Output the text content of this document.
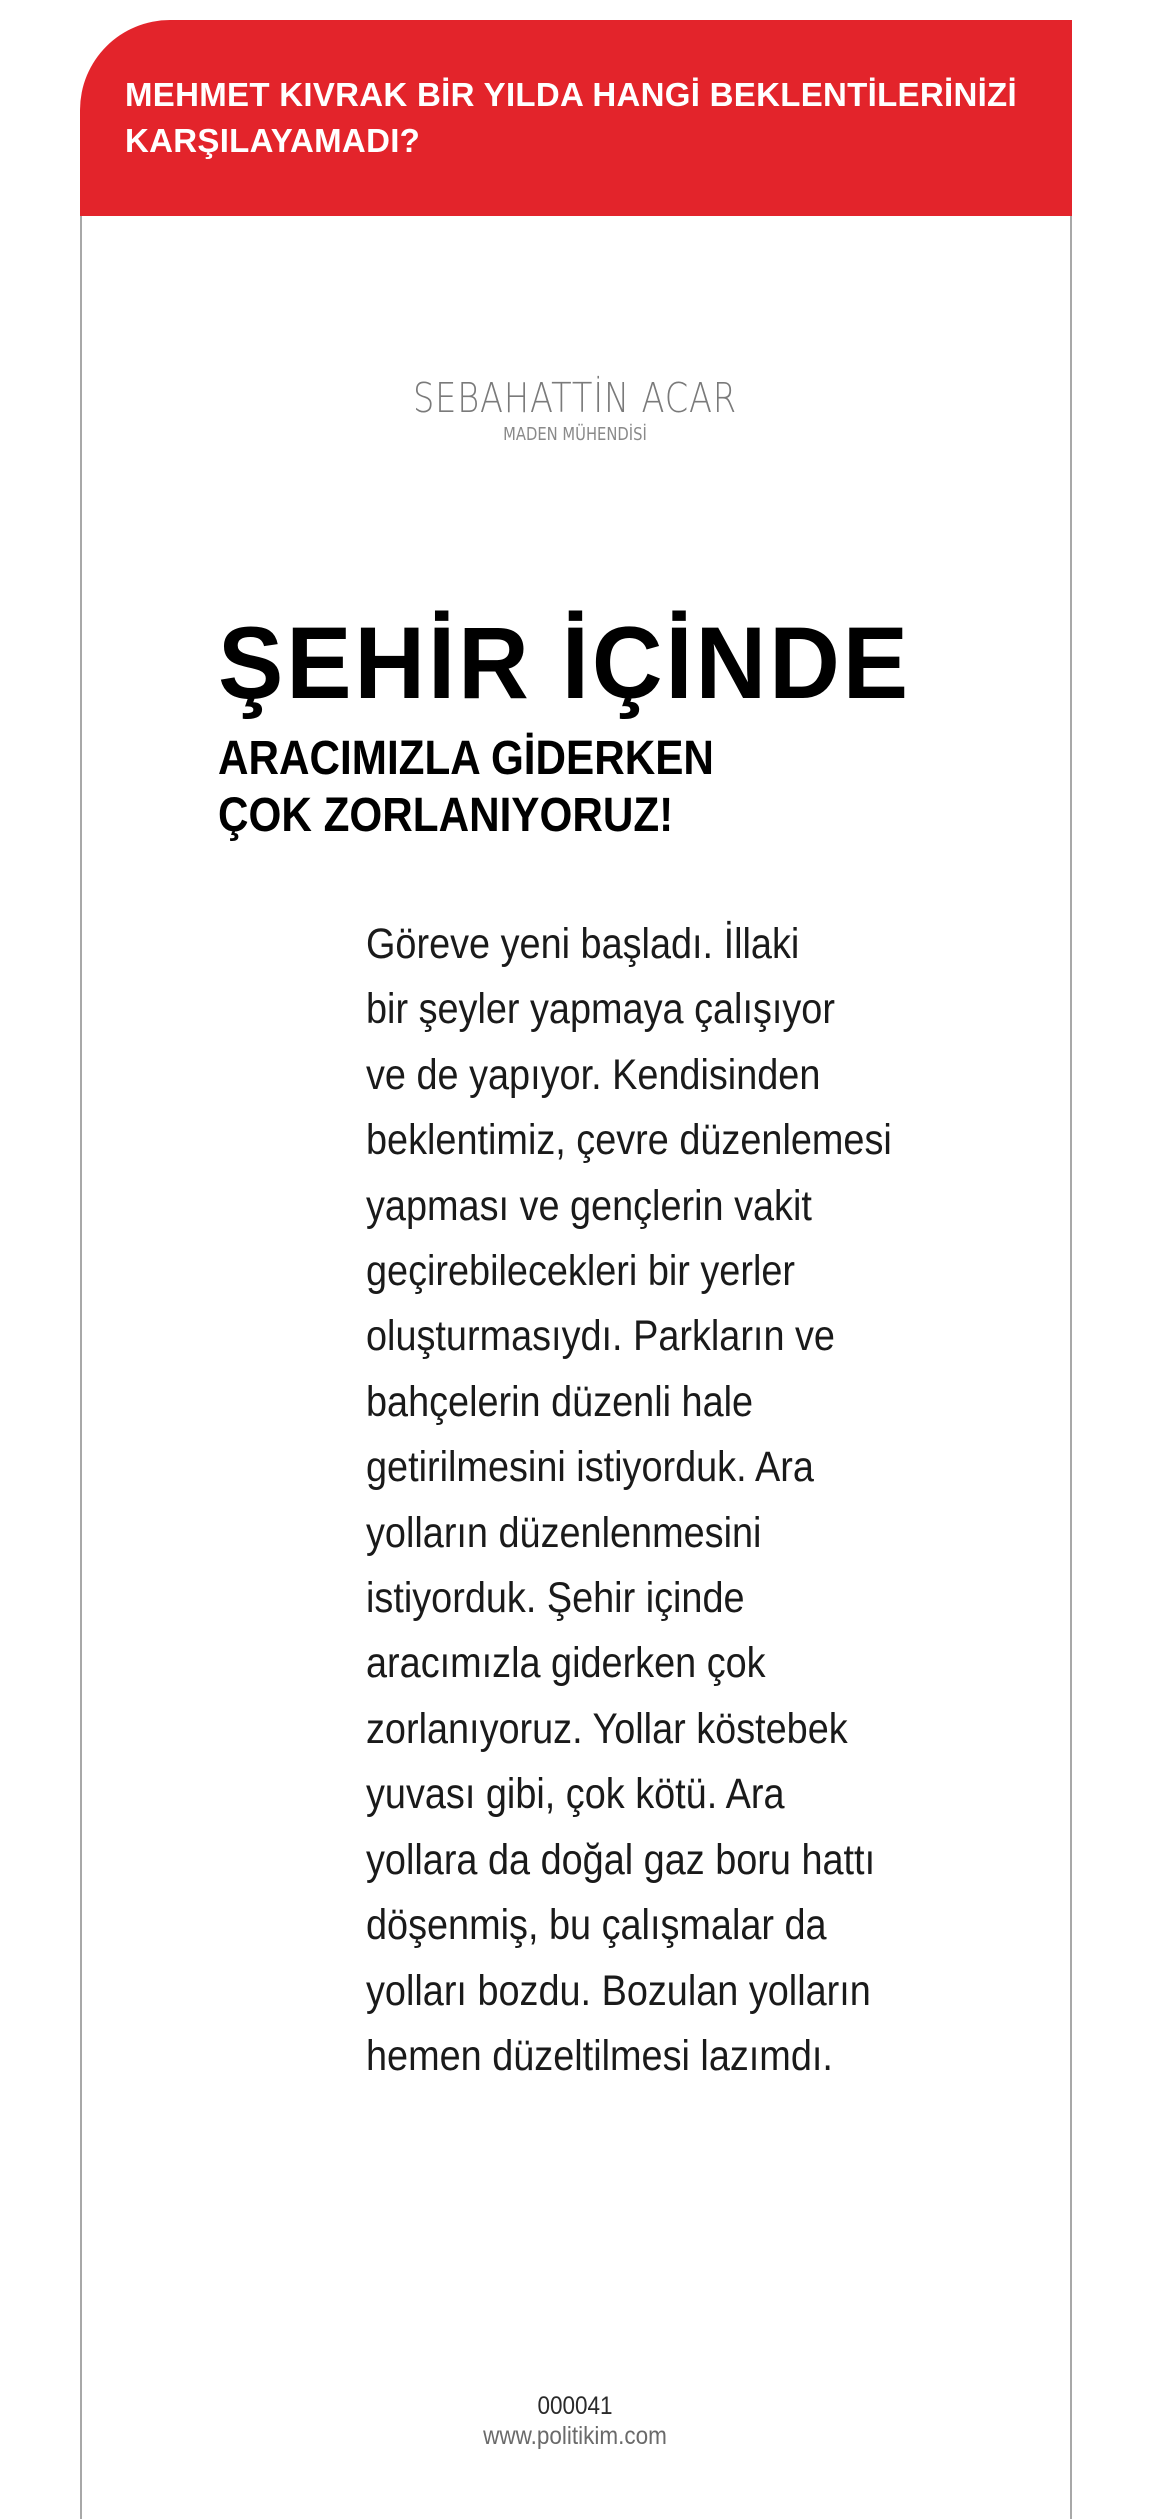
MEHMET KIVRAK BİR YILDA HANGİ BEKLENTİLERİNİZİ
KARŞILAYAMADI?

SEBAHATTİN ACAR
MADEN MÜHENDİSİ
ŞEHİR İÇİNDE
ARACIMIZLA GİDERKEN
ÇOK ZORLANIYORUZ!

Göreve yeni başladı. İllaki
bir şeyler yapmaya çalışıyor
ve de yapıyor. Kendisinden
beklentimiz, çevre düzenlemesi
yapması ve gençlerin vakit
geçirebilecekleri bir yerler
oluşturmasıydı. Parkların ve
bahçelerin düzenli hale
getirilmesini istiyorduk. Ara
yolların düzenlenmesini
istiyorduk. Şehir içinde
aracımızla giderken çok
zorlanıyoruz. Yollar köstebek
yuvası gibi, çok kötü. Ara
yollara da doğal gaz boru hattı
döşenmiş, bu çalışmalar da
yolları bozdu. Bozulan yolların
hemen düzeltilmesi lazımdı.

000041
www.politikim.com
